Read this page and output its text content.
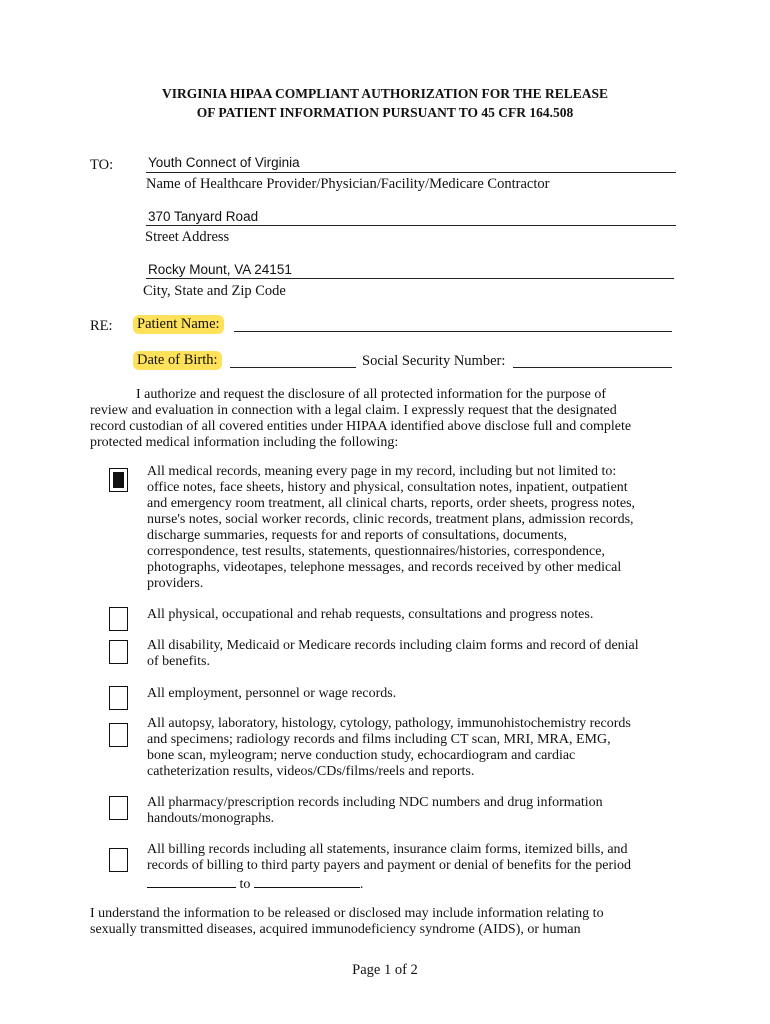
VIRGINIA HIPAA COMPLIANT AUTHORIZATION FOR THE RELEASE
OF PATIENT INFORMATION PURSUANT TO 45 CFR 164.508
TO:	Youth Connect of Virginia
Name of Healthcare Provider/Physician/Facility/Medicare Contractor
370 Tanyard Road
Street Address
Rocky Mount, VA 24151
City, State and Zip Code
RE: Patient Name:
Date of Birth:	Social Security Number:
I authorize and request the disclosure of all protected information for the purpose of
review and evaluation in connection with a legal claim. I expressly request that the designated
record custodian of all covered entities under HIPAA identified above disclose full and complete
protected medical information including the following:
All medical records, meaning every page in my record, including but not limited to:
office notes, face sheets, history and physical, consultation notes, inpatient, outpatient
and emergency room treatment, all clinical charts, reports, order sheets, progress notes,
nurse's notes, social worker records, clinic records, treatment plans, admission records,
discharge summaries, requests for and reports of consultations, documents,
correspondence, test results, statements, questionnaires/histories, correspondence,
photographs, videotapes, telephone messages, and records received by other medical
providers.
All physical, occupational and rehab requests, consultations and progress notes.
All disability, Medicaid or Medicare records including claim forms and record of denial
of benefits.
All employment, personnel or wage records.
All autopsy, laboratory, histology, cytology, pathology, immunohistochemistry records
and specimens; radiology records and films including CT scan, MRI, MRA, EMG,
bone scan, myleogram; nerve conduction study, echocardiogram and cardiac
catheterization results, videos/CDs/films/reels and reports.
All pharmacy/prescription records including NDC numbers and drug information
handouts/monographs.
All billing records including all statements, insurance claim forms, itemized bills, and
records of billing to third party payers and payment or denial of benefits for the period
to	.
I understand the information to be released or disclosed may include information relating to
sexually transmitted diseases, acquired immunodeficiency syndrome (AIDS), or human
Page 1 of 2
